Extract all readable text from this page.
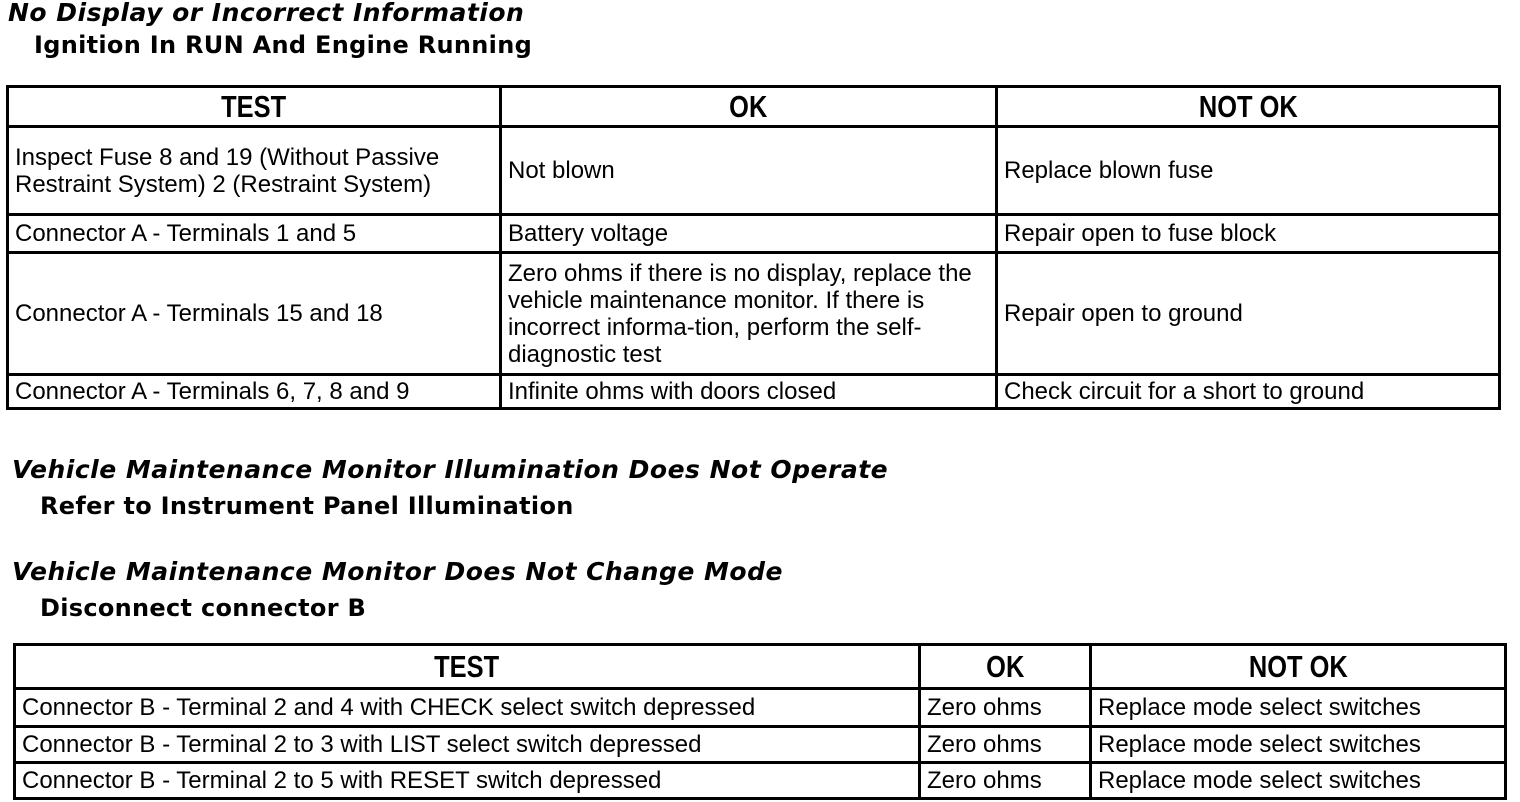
No Display or Incorrect Information
Ignition In RUN And Engine Running
TEST	OK	NOT OK
Inspect Fuse 8 and 19 (Without Passive Restraint System) 2 (Restraint System)	Not blown	Replace blown fuse
Connector A - Terminals 1 and 5	Battery voltage	Repair open to fuse block
Connector A - Terminals 15 and 18	Zero ohms if there is no display, replace the vehicle maintenance monitor. If there is incorrect informa-tion, perform the self-diagnostic test	Repair open to ground
Connector A - Terminals 6, 7, 8 and 9	Infinite ohms with doors closed	Check circuit for a short to ground
Vehicle Maintenance Monitor Illumination Does Not Operate
Refer to Instrument Panel Illumination
Vehicle Maintenance Monitor Does Not Change Mode
Disconnect connector B
TEST	OK	NOT OK
Connector B - Terminal 2 and 4 with CHECK select switch depressed	Zero ohms	Replace mode select switches
Connector B - Terminal 2 to 3 with LIST select switch depressed	Zero ohms	Replace mode select switches
Connector B - Terminal 2 to 5 with RESET switch depressed	Zero ohms	Replace mode select switches
